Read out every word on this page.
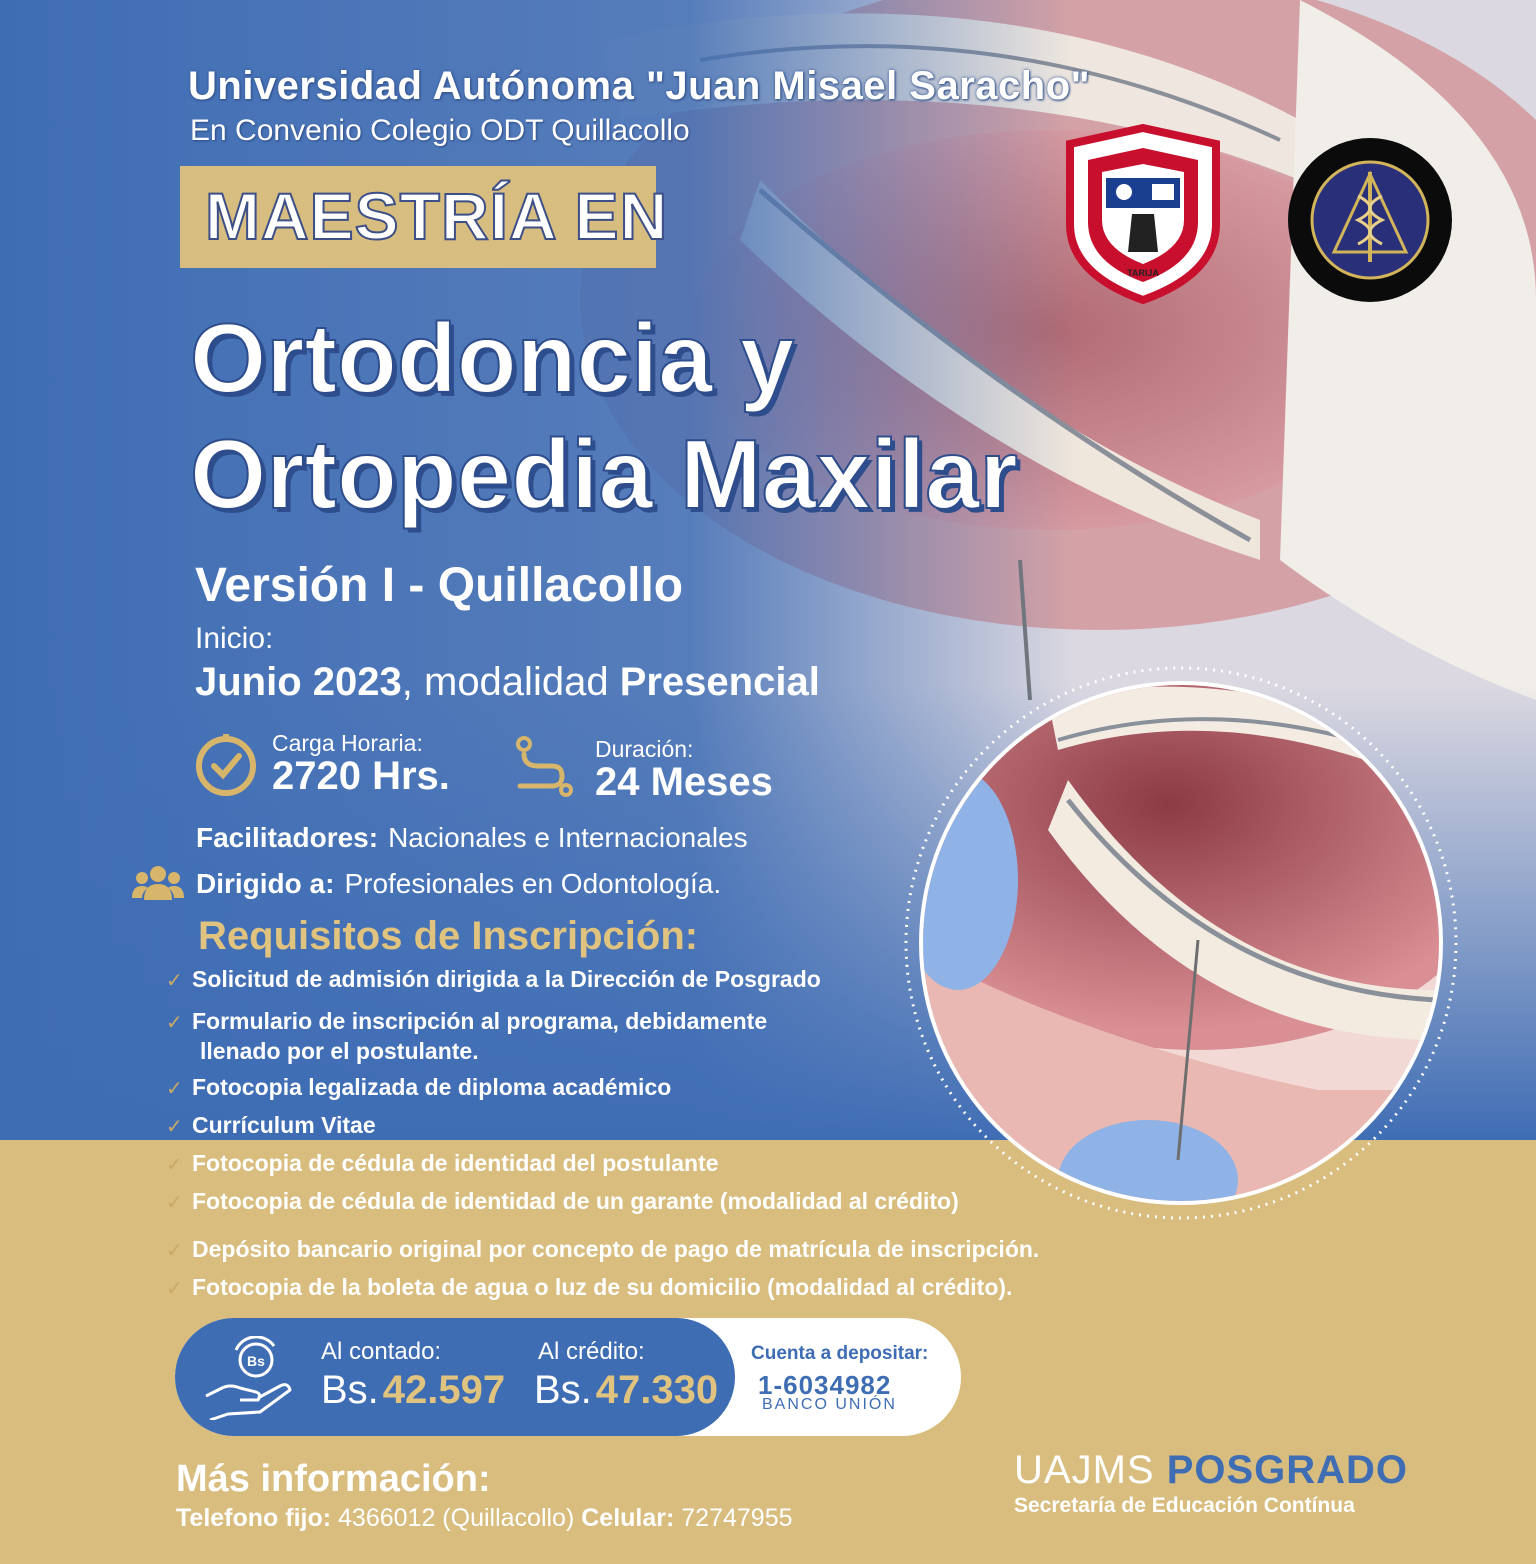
Universidad Autónoma "Juan Misael Saracho"
En Convenio Colegio ODT Quillacollo
TARIJA
MAESTRÍA EN
Ortodoncia y
Ortopedia Maxilar
Versión I - Quillacollo
Inicio:
Junio 2023, modalidad Presencial
Carga Horaria:
2720 Hrs.
Duración:
24 Meses
Facilitadores: Nacionales e Internacionales
Dirigido a: Profesionales en Odontología.
Requisitos de Inscripción:
✓ Solicitud de admisión dirigida a la Dirección de Posgrado
✓ Formulario de inscripción al programa, debidamente
llenado por el postulante.
✓ Fotocopia legalizada de diploma académico
✓ Currículum Vitae
✓ Fotocopia de cédula de identidad del postulante
✓ Fotocopia de cédula de identidad de un garante (modalidad al crédito)
✓ Depósito bancario original por concepto de pago de matrícula de inscripción.
✓ Fotocopia de la boleta de agua o luz de su domicilio (modalidad al crédito).
Bs Al contado:
Bs. 42.597
Al crédito:
Bs. 47.330
Cuenta a depositar:
1-6034982
BANCO UNIÓN
Más información:
Telefono fijo: 4366012 (Quillacollo) Celular: 72747955
UAJMS POSGRADO
Secretaría de Educación Contínua
